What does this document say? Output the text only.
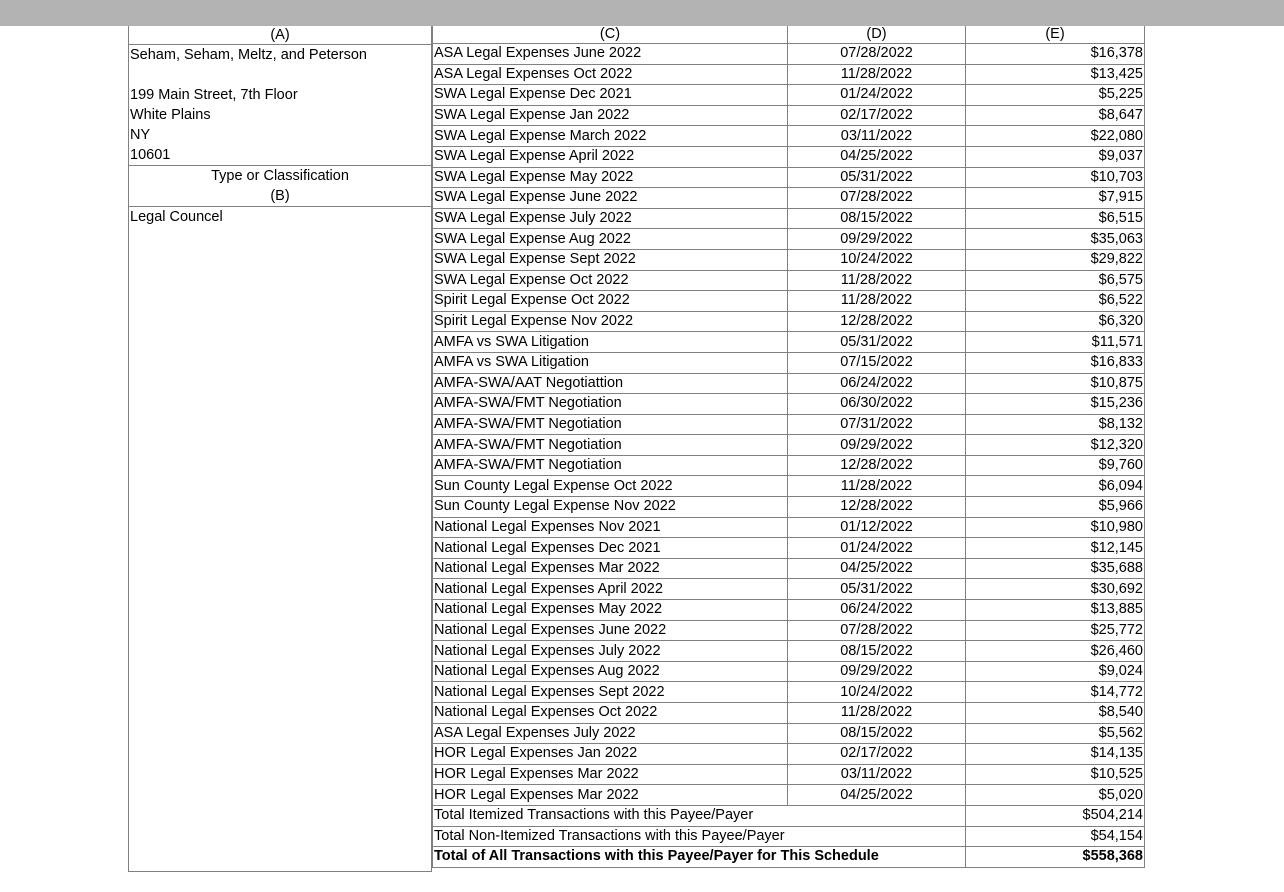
(A)
Seham, Seham, Meltz, and Peterson
199 Main Street, 7th Floor
White Plains
NY
10601
Type or Classification
(B)
Legal Councel
(C)	(D)	(E)
ASA Legal Expenses June 2022	07/28/2022	$16,378
ASA Legal Expenses Oct 2022	11/28/2022	$13,425
SWA Legal Expense Dec 2021	01/24/2022	$5,225
SWA Legal Expense Jan 2022	02/17/2022	$8,647
SWA Legal Expense March 2022	03/11/2022	$22,080
SWA Legal Expense April 2022	04/25/2022	$9,037
SWA Legal Expense May 2022	05/31/2022	$10,703
SWA Legal Expense June 2022	07/28/2022	$7,915
SWA Legal Expense July 2022	08/15/2022	$6,515
SWA Legal Expense Aug 2022	09/29/2022	$35,063
SWA Legal Expense Sept 2022	10/24/2022	$29,822
SWA Legal Expense Oct 2022	11/28/2022	$6,575
Spirit Legal Expense Oct 2022	11/28/2022	$6,522
Spirit Legal Expense Nov 2022	12/28/2022	$6,320
AMFA vs SWA Litigation	05/31/2022	$11,571
AMFA vs SWA Litigation	07/15/2022	$16,833
AMFA-SWA/AAT Negotiattion	06/24/2022	$10,875
AMFA-SWA/FMT Negotiation	06/30/2022	$15,236
AMFA-SWA/FMT Negotiation	07/31/2022	$8,132
AMFA-SWA/FMT Negotiation	09/29/2022	$12,320
AMFA-SWA/FMT Negotiation	12/28/2022	$9,760
Sun County Legal Expense Oct 2022	11/28/2022	$6,094
Sun County Legal Expense Nov 2022	12/28/2022	$5,966
National Legal Expenses Nov 2021	01/12/2022	$10,980
National Legal Expenses Dec 2021	01/24/2022	$12,145
National Legal Expenses Mar 2022	04/25/2022	$35,688
National Legal Expenses April 2022	05/31/2022	$30,692
National Legal Expenses May 2022	06/24/2022	$13,885
National Legal Expenses June 2022	07/28/2022	$25,772
National Legal Expenses July 2022	08/15/2022	$26,460
National Legal Expenses Aug 2022	09/29/2022	$9,024
National Legal Expenses Sept 2022	10/24/2022	$14,772
National Legal Expenses Oct 2022	11/28/2022	$8,540
ASA Legal Expenses July 2022	08/15/2022	$5,562
HOR Legal Expenses Jan 2022	02/17/2022	$14,135
HOR Legal Expenses Mar 2022	03/11/2022	$10,525
HOR Legal Expenses Mar 2022	04/25/2022	$5,020
Total Itemized Transactions with this Payee/Payer		$504,214
Total Non-Itemized Transactions with this Payee/Payer		$54,154
Total of All Transactions with this Payee/Payer for This Schedule		$558,368
